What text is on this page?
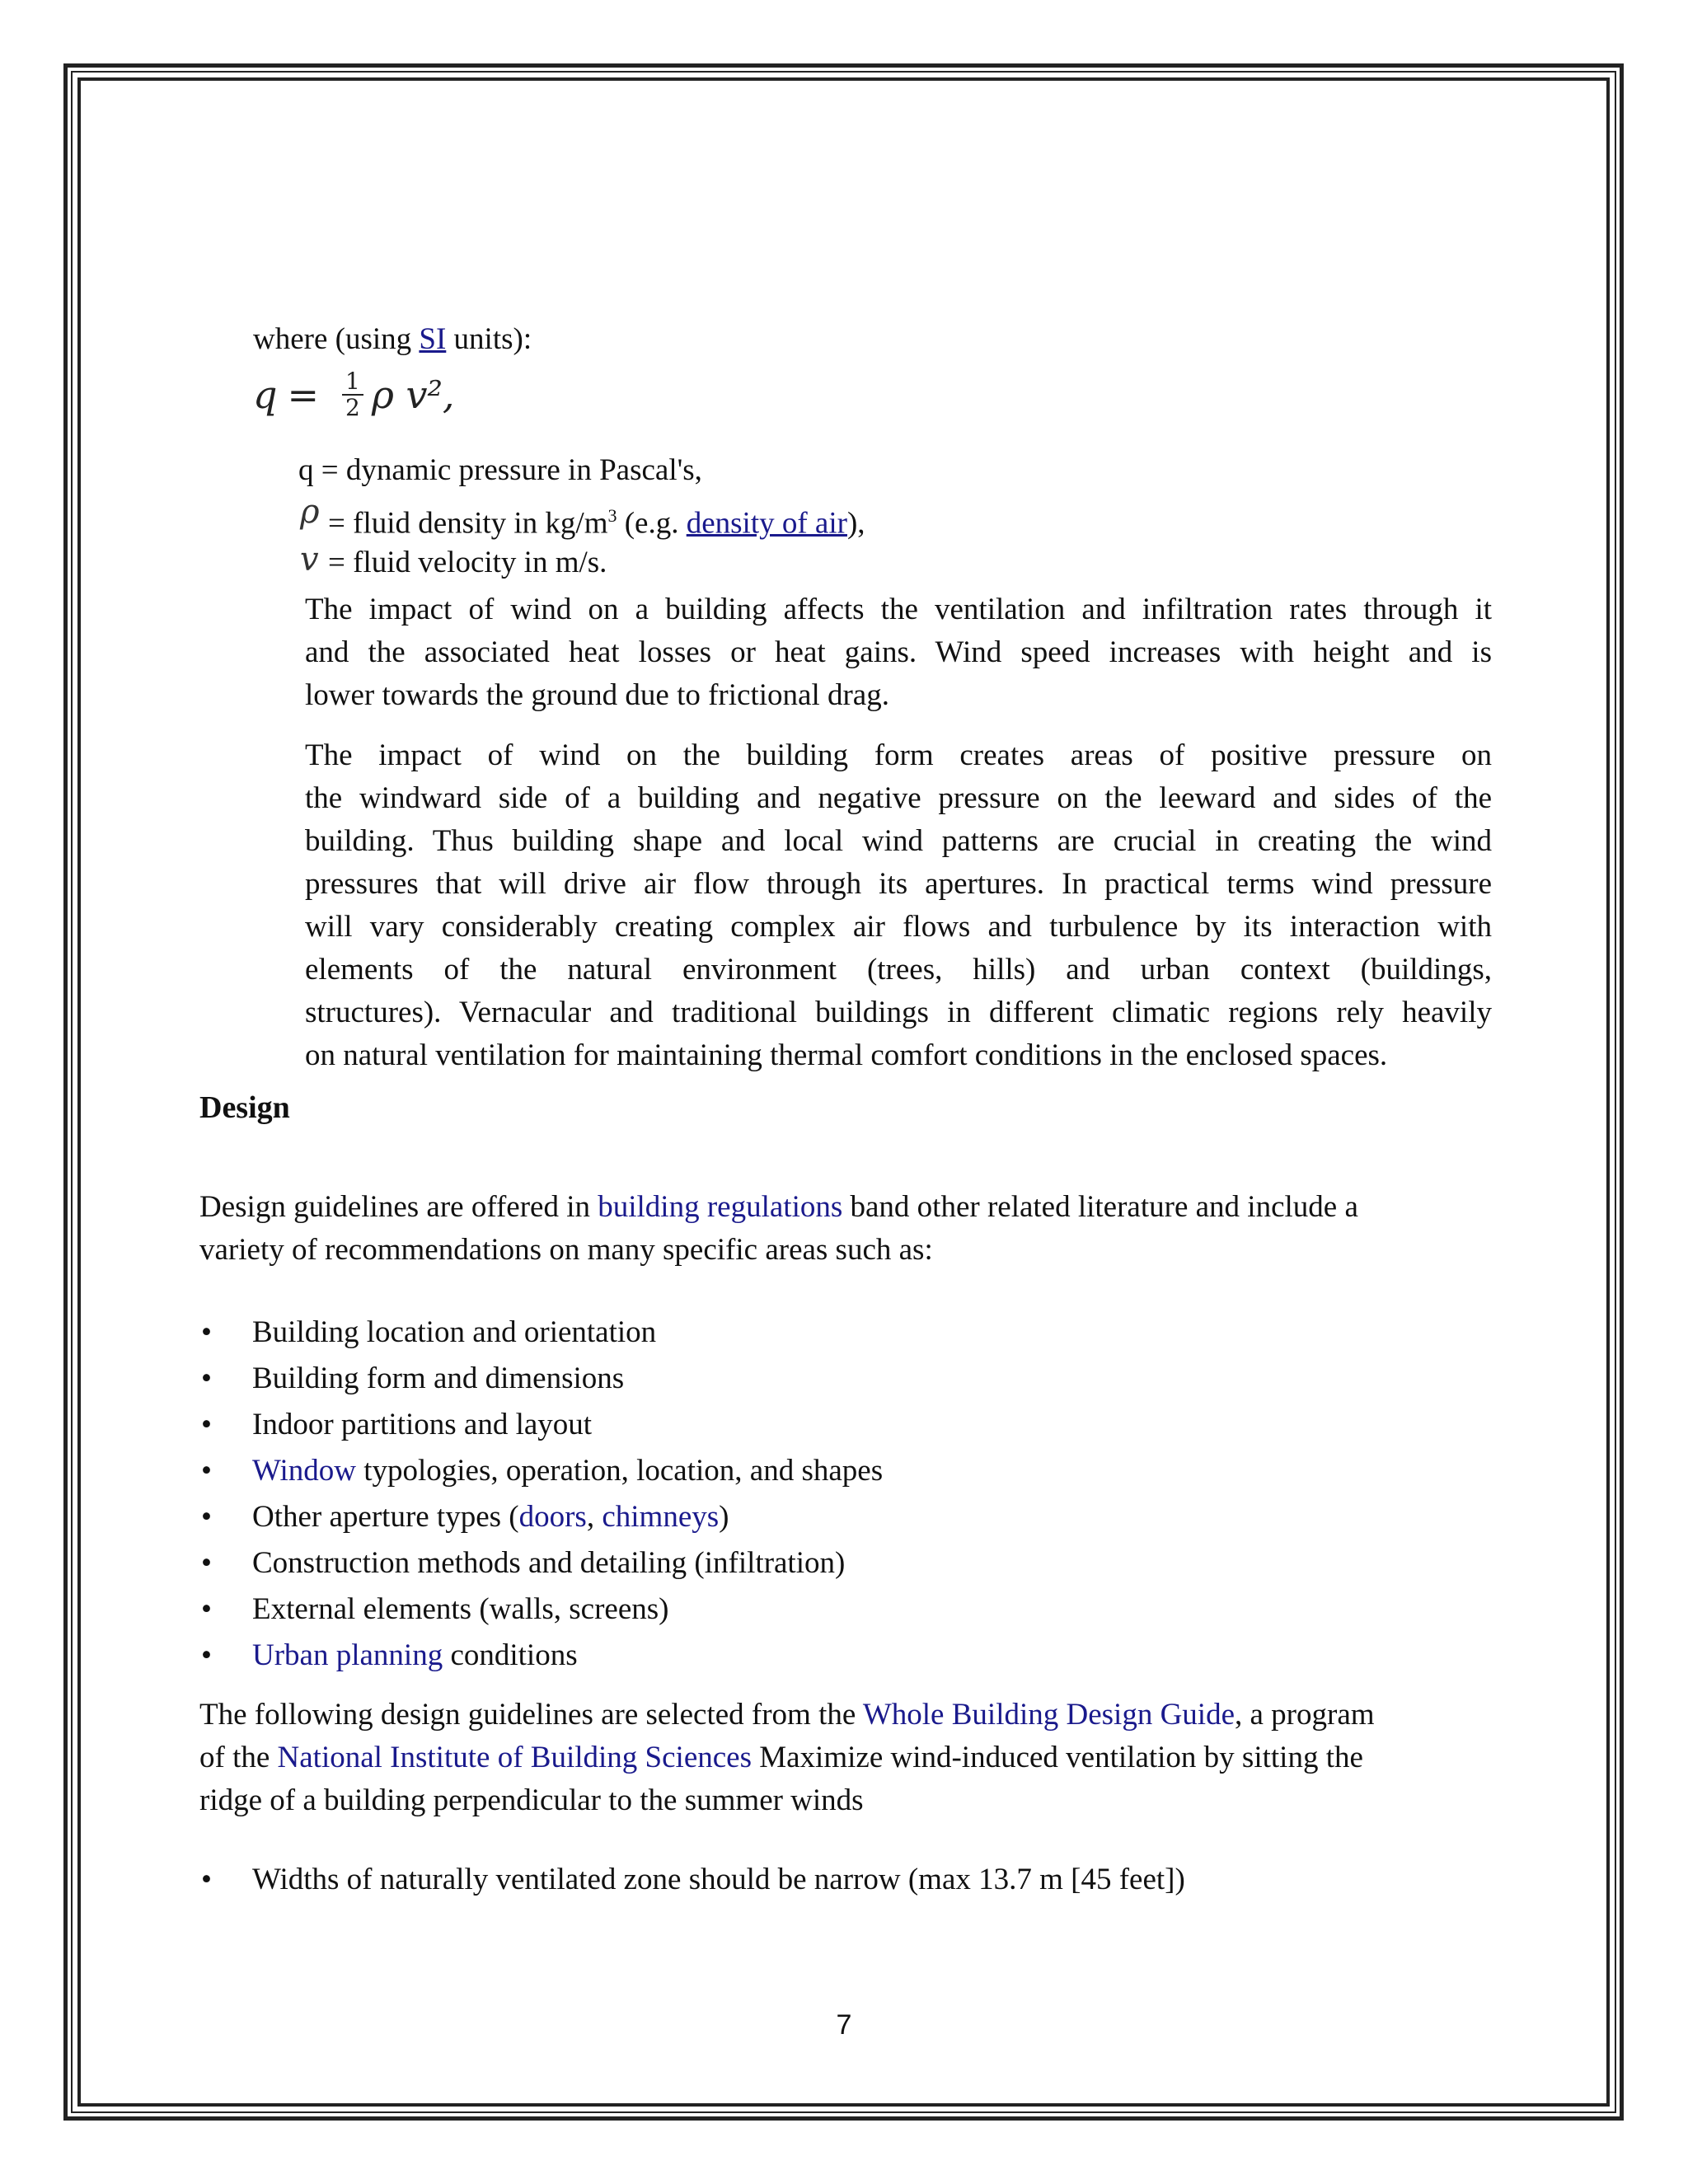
where (using SI units):
$q = \frac{1}{2}$ ρ v²,
q = dynamic pressure in Pascal's,
ρ = fluid density in $kg/m^3$ (e.g. density of air),
v = fluid velocity in m/s.
The impact of wind on a building affects the ventilation and infiltration rates through it
and the associated heat losses or heat gains. Wind speed increases with height and is
lower towards the ground due to frictional drag.
The impact of wind on the building form creates areas of positive pressure on
the windward side of a building and negative pressure on the leeward and sides of the
building. Thus building shape and local wind patterns are crucial in creating the wind
pressures that will drive air flow through its apertures. In practical terms wind pressure
will vary considerably creating complex air flows and turbulence by its interaction with
elements of the natural environment (trees, hills) and urban context (buildings,
structures). Vernacular and traditional buildings in different climatic regions rely heavily
on natural ventilation for maintaining thermal comfort conditions in the enclosed spaces.
Design
Design guidelines are offered in building regulations band other related literature and include a
variety of recommendations on many specific areas such as:
• Building location and orientation
• Building form and dimensions
• Indoor partitions and layout
• Window typologies, operation, location, and shapes
• Other aperture types (doors, chimneys)
• Construction methods and detailing (infiltration)
• External elements (walls, screens)
• Urban planning conditions
The following design guidelines are selected from the Whole Building Design Guide, a program
of the National Institute of Building Sciences Maximize wind-induced ventilation by sitting the
ridge of a building perpendicular to the summer winds
• Widths of naturally ventilated zone should be narrow (max 13.7 m [45 feet])
7
